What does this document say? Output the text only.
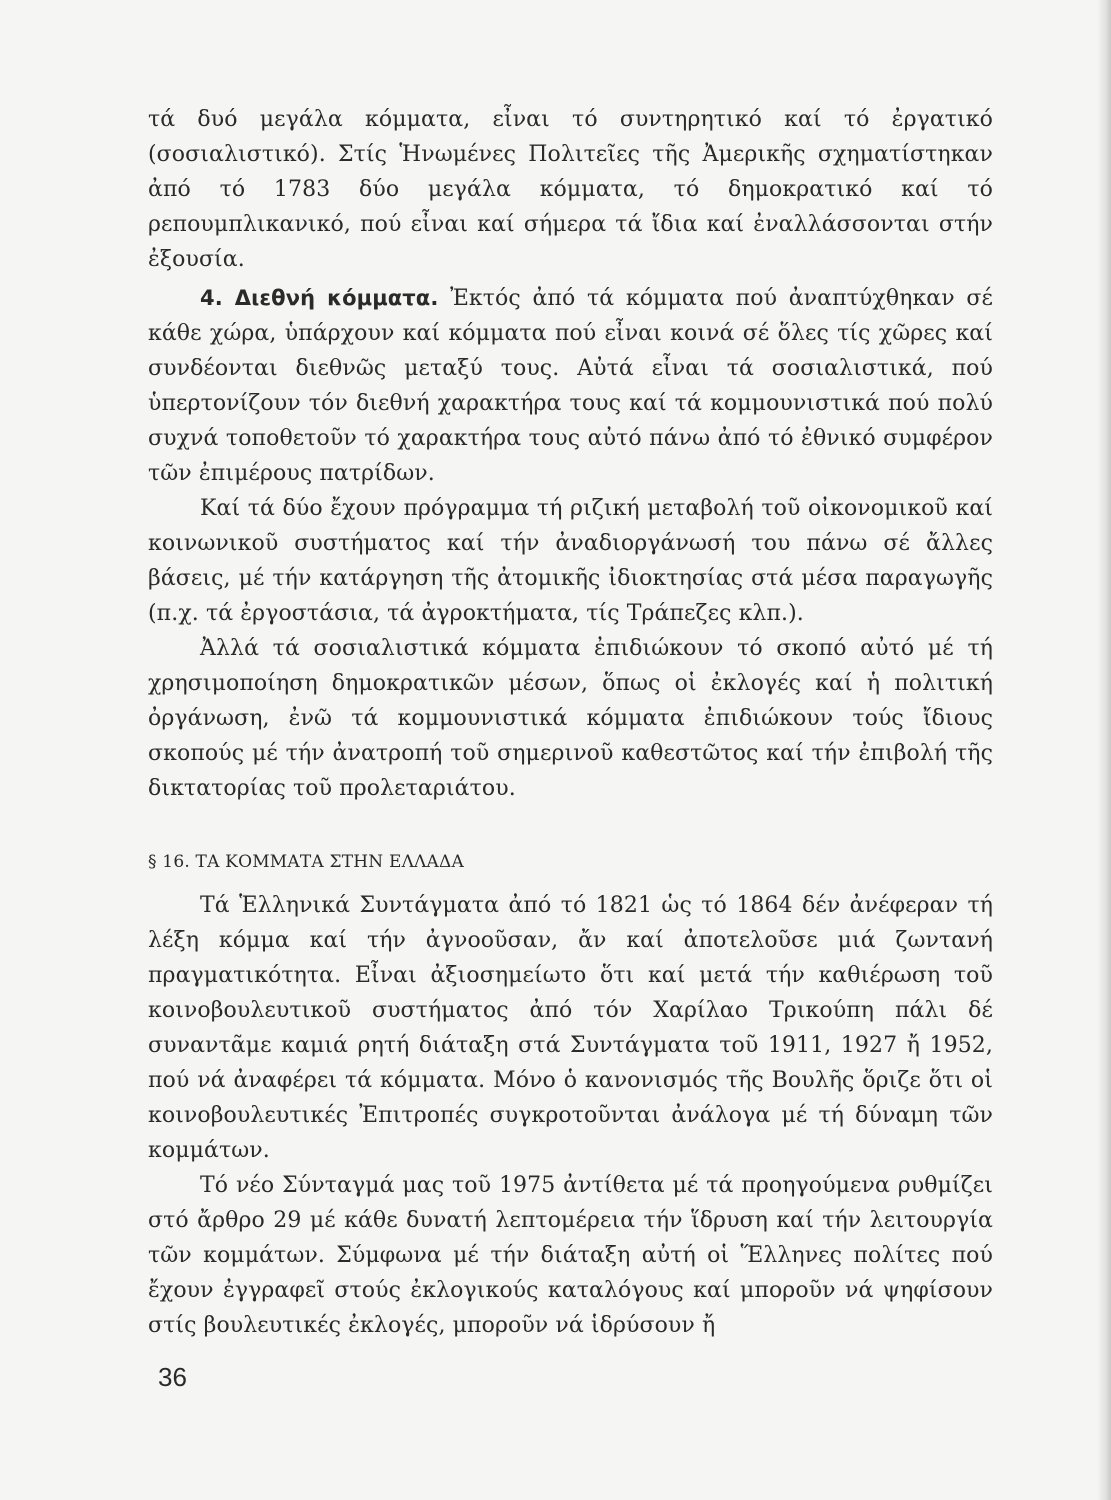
τά δυό μεγάλα κόμματα, εἶναι τό συντηρητικό καί τό ἐργατικό (σοσιαλιστικό). Στίς Ἡνωμένες Πολιτεῖες τῆς Ἀμερικῆς σχηματίστηκαν ἀπό τό 1783 δύο μεγάλα κόμματα, τό δημοκρατικό καί τό ρεπουμπλικανικό, πού εἶναι καί σήμερα τά ἴδια καί ἐναλλάσσονται στήν ἐξουσία.

4. Διεθνή κόμματα. Ἐκτός ἀπό τά κόμματα πού ἀναπτύχθηκαν σέ κάθε χώρα, ὑπάρχουν καί κόμματα πού εἶναι κοινά σέ ὅλες τίς χῶρες καί συνδέονται διεθνῶς μεταξύ τους. Αὐτά εἶναι τά σοσιαλιστικά, πού ὑπερτονίζουν τόν διεθνή χαρακτήρα τους καί τά κομμουνιστικά πού πολύ συχνά τοποθετοῦν τό χαρακτήρα τους αὐτό πάνω ἀπό τό ἐθνικό συμφέρον τῶν ἐπιμέρους πατρίδων.

Καί τά δύο ἔχουν πρόγραμμα τή ριζική μεταβολή τοῦ οἰκονομικοῦ καί κοινωνικοῦ συστήματος καί τήν ἀναδιοργάνωσή του πάνω σέ ἄλλες βάσεις, μέ τήν κατάργηση τῆς ἀτομικῆς ἰδιοκτησίας στά μέσα παραγωγῆς (π.χ. τά ἐργοστάσια, τά ἀγροκτήματα, τίς Τράπεζες κλπ.).

Ἀλλά τά σοσιαλιστικά κόμματα ἐπιδιώκουν τό σκοπό αὐτό μέ τή χρησιμοποίηση δημοκρατικῶν μέσων, ὅπως οἱ ἐκλογές καί ἡ πολιτική ὀργάνωση, ἐνῶ τά κομμουνιστικά κόμματα ἐπιδιώκουν τούς ἴδιους σκοπούς μέ τήν ἀνατροπή τοῦ σημερινοῦ καθεστῶτος καί τήν ἐπιβολή τῆς δικτατορίας τοῦ προλεταριάτου.

§ 16. ΤΑ ΚΟΜΜΑΤΑ ΣΤΗΝ ΕΛΛΑΔΑ

Τά Ἑλληνικά Συντάγματα ἀπό τό 1821 ὡς τό 1864 δέν ἀνέφεραν τή λέξη κόμμα καί τήν ἀγνοοῦσαν, ἄν καί ἀποτελοῦσε μιά ζωντανή πραγματικότητα. Εἶναι ἀξιοσημείωτο ὅτι καί μετά τήν καθιέρωση τοῦ κοινοβουλευτικοῦ συστήματος ἀπό τόν Χαρίλαο Τρικούπη πάλι δέ συναντᾶμε καμιά ρητή διάταξη στά Συντάγματα τοῦ 1911, 1927 ἤ 1952, πού νά ἀναφέρει τά κόμματα. Μόνο ὁ κανονισμός τῆς Βουλῆς ὅριζε ὅτι οἱ κοινοβουλευτικές Ἐπιτροπές συγκροτοῦνται ἀνάλογα μέ τή δύναμη τῶν κομμάτων.

Τό νέο Σύνταγμά μας τοῦ 1975 ἀντίθετα μέ τά προηγούμενα ρυθμίζει στό ἄρθρο 29 μέ κάθε δυνατή λεπτομέρεια τήν ἵδρυση καί τήν λειτουργία τῶν κομμάτων. Σύμφωνα μέ τήν διάταξη αὐτή οἱ Ἕλληνες πολίτες πού ἔχουν ἐγγραφεῖ στούς ἐκλογικούς καταλόγους καί μποροῦν νά ψηφίσουν στίς βουλευτικές ἐκλογές, μποροῦν νά ἱδρύσουν ἤ

36
